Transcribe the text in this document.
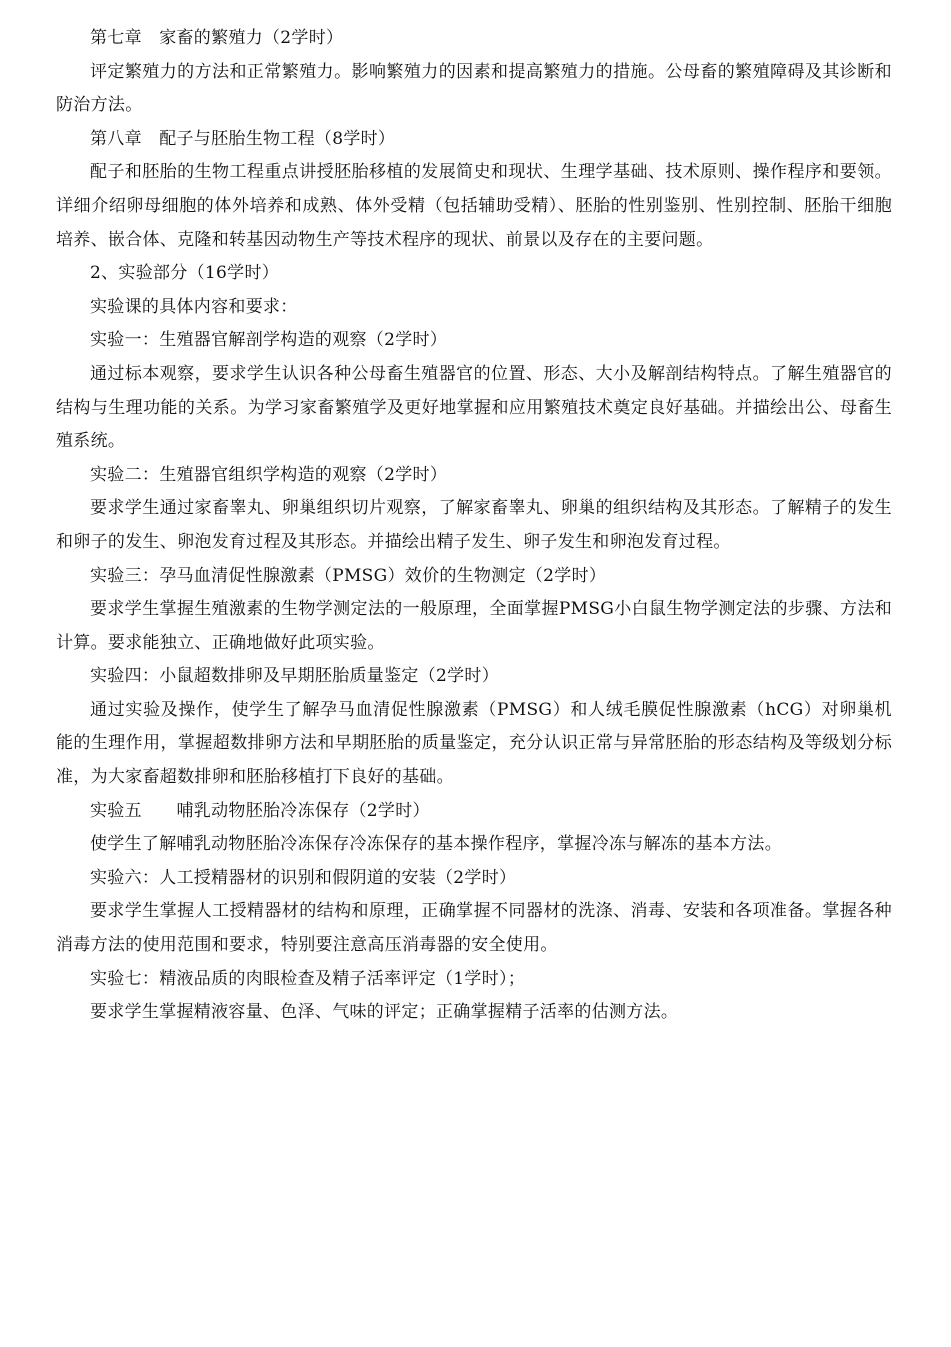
第七章　家畜的繁殖力（2学时）

评定繁殖力的方法和正常繁殖力。影响繁殖力的因素和提高繁殖力的措施。公母畜的繁殖障碍及其诊断和防治方法。

第八章　配子与胚胎生物工程（8学时）

配子和胚胎的生物工程重点讲授胚胎移植的发展简史和现状、生理学基础、技术原则、操作程序和要领。详细介绍卵母细胞的体外培养和成熟、体外受精（包括辅助受精）、胚胎的性别鉴别、性别控制、胚胎干细胞培养、嵌合体、克隆和转基因动物生产等技术程序的现状、前景以及存在的主要问题。

2、实验部分（16学时）

实验课的具体内容和要求：

实验一：生殖器官解剖学构造的观察（2学时）

通过标本观察，要求学生认识各种公母畜生殖器官的位置、形态、大小及解剖结构特点。了解生殖器官的结构与生理功能的关系。为学习家畜繁殖学及更好地掌握和应用繁殖技术奠定良好基础。并描绘出公、母畜生殖系统。

实验二：生殖器官组织学构造的观察（2学时）

要求学生通过家畜睾丸、卵巢组织切片观察，了解家畜睾丸、卵巢的组织结构及其形态。了解精子的发生和卵子的发生、卵泡发育过程及其形态。并描绘出精子发生、卵子发生和卵泡发育过程。

实验三：孕马血清促性腺激素（PMSG）效价的生物测定（2学时）

要求学生掌握生殖激素的生物学测定法的一般原理，全面掌握PMSG小白鼠生物学测定法的步骤、方法和计算。要求能独立、正确地做好此项实验。

实验四：小鼠超数排卵及早期胚胎质量鉴定（2学时）

通过实验及操作，使学生了解孕马血清促性腺激素（PMSG）和人绒毛膜促性腺激素（hCG）对卵巢机能的生理作用，掌握超数排卵方法和早期胚胎的质量鉴定，充分认识正常与异常胚胎的形态结构及等级划分标准，为大家畜超数排卵和胚胎移植打下良好的基础。

实验五　　哺乳动物胚胎冷冻保存（2学时）

使学生了解哺乳动物胚胎冷冻保存冷冻保存的基本操作程序，掌握冷冻与解冻的基本方法。

实验六：人工授精器材的识别和假阴道的安装（2学时）

要求学生掌握人工授精器材的结构和原理，正确掌握不同器材的洗涤、消毒、安装和各项准备。掌握各种消毒方法的使用范围和要求，特别要注意高压消毒器的安全使用。

实验七：精液品质的肉眼检查及精子活率评定（1学时）；

要求学生掌握精液容量、色泽、气味的评定；正确掌握精子活率的估测方法。
